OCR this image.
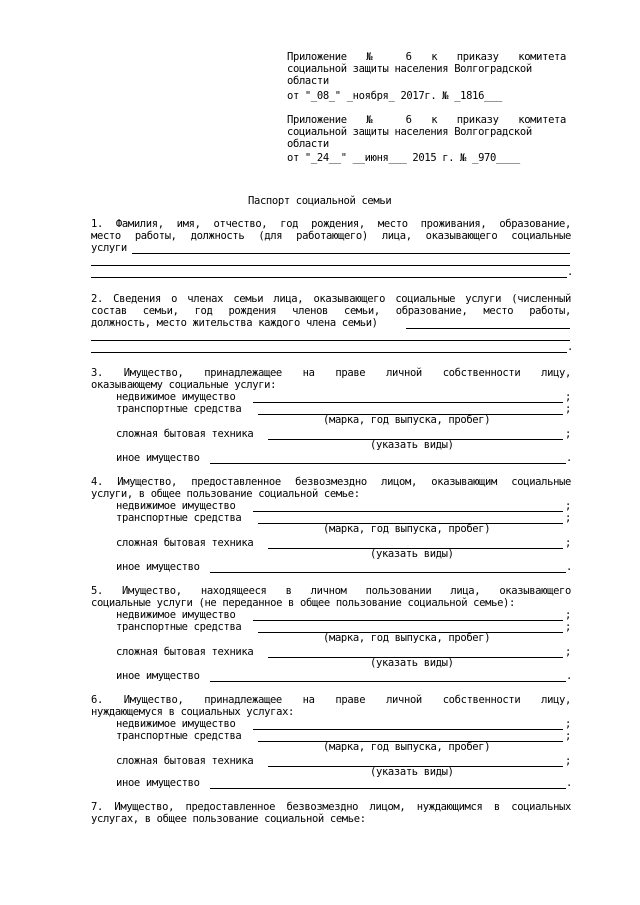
Приложение № 6 к приказу комитета
социальной защиты населения Волгоградской
области
от "_08_" _ноября_ 2017г. № _1816___
Приложение № 6 к приказу комитета
социальной защиты населения Волгоградской
области
от "_24__" __июня___ 2015 г. № _970____
Паспорт социальной семьи
1. Фамилия, имя, отчество, год рождения, место проживания, образование,
место работы, должность (для работающего) лица, оказывающего социальные
услуги
.
2. Сведения о членах семьи лица, оказывающего социальные услуги (численный
состав семьи, год рождения членов семьи, образование, место работы,
должность, место жительства каждого члена семьи)
.
3. Имущество, принадлежащее на праве личной собственности лицу,
оказывающему социальные услуги:
недвижимое имущество	;
транспортные средства	;
(марка, год выпуска, пробег)
сложная бытовая техника	;
(указать виды)
иное имущество	.
4. Имущество, предоставленное безвозмездно лицом, оказывающим социальные
услуги, в общее пользование социальной семье:
недвижимое имущество	;
транспортные средства	;
(марка, год выпуска, пробег)
сложная бытовая техника	;
(указать виды)
иное имущество	.
5. Имущество, находящееся в личном пользовании лица, оказывающего
социальные услуги (не переданное в общее пользование социальной семье):
недвижимое имущество	;
транспортные средства	;
(марка, год выпуска, пробег)
сложная бытовая техника	;
(указать виды)
иное имущество	.
6. Имущество, принадлежащее на праве личной собственности лицу,
нуждающемуся в социальных услугах:
недвижимое имущество	;
транспортные средства	;
(марка, год выпуска, пробег)
сложная бытовая техника	;
(указать виды)
иное имущество	.
7. Имущество, предоставленное безвозмездно лицом, нуждающимся в социальных
услугах, в общее пользование социальной семье:
